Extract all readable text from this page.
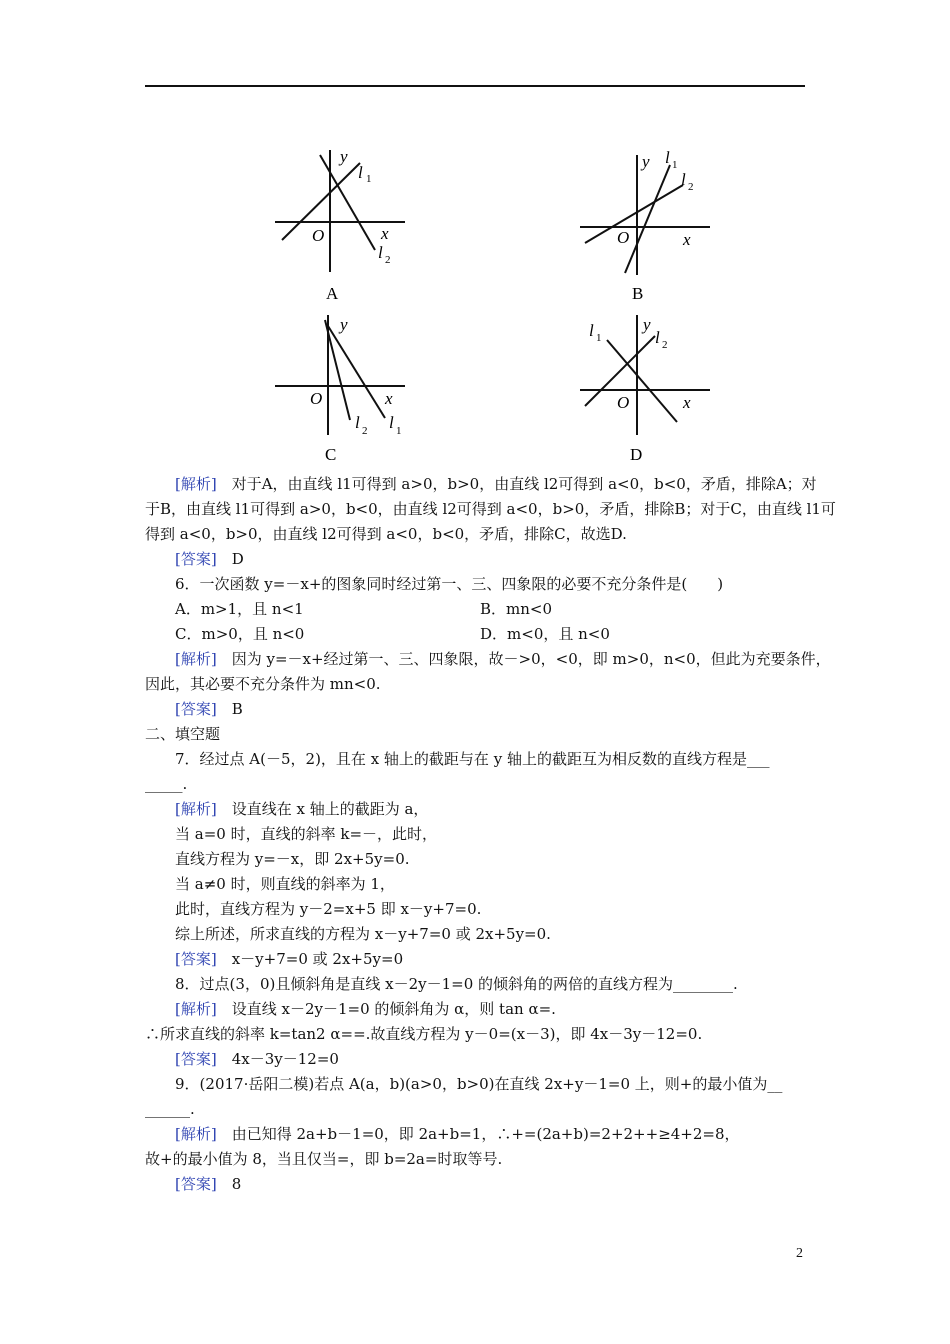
y
x
O
l 1
l 2
A
y
x
O
l 1
l 2
B
y
x
O
l 1
l 2
C
y
x
O
l 1	l 2
D
[解析]　对于A，由直线 l1可得到 a>0，b>0，由直线 l2可得到 a<0，b<0，矛盾，排除A；对
于B，由直线 l1可得到 a>0，b<0，由直线 l2可得到 a<0，b>0，矛盾，排除B；对于C，由直线 l1可
得到 a<0，b>0，由直线 l2可得到 a<0，b<0，矛盾，排除C，故选D.
[答案]　D
6．一次函数 y=－x+的图象同时经过第一、三、四象限的必要不充分条件是(　　)
A．m>1，且 n<1	B．mn<0
C．m>0，且 n<0	D．m<0，且 n<0
[解析]　因为 y=－x+经过第一、三、四象限，故－>0，<0，即 m>0，n<0，但此为充要条件，
因此，其必要不充分条件为 mn<0.
[答案]　B
二、填空题
7．经过点 A(－5，2)，且在 x 轴上的截距与在 y 轴上的截距互为相反数的直线方程是___
_____.
[解析]　设直线在 x 轴上的截距为 a，
当 a=0 时，直线的斜率 k=－，此时，
直线方程为 y=－x，即 2x+5y=0.
当 a≠0 时，则直线的斜率为 1，
此时，直线方程为 y－2=x+5 即 x－y+7=0.
综上所述，所求直线的方程为 x－y+7=0 或 2x+5y=0.
[答案]　x－y+7=0 或 2x+5y=0
8．过点(3，0)且倾斜角是直线 x－2y－1=0 的倾斜角的两倍的直线方程为________.
[解析]　设直线 x－2y－1=0 的倾斜角为 α，则 tan α=.
∴所求直线的斜率 k=tan2 α==.故直线方程为 y－0=(x－3)，即 4x－3y－12=0.
[答案]　4x－3y－12=0
9．(2017·岳阳二模)若点 A(a，b)(a>0，b>0)在直线 2x+y－1=0 上，则+的最小值为__
______.
[解析]　由已知得 2a+b－1=0，即 2a+b=1，∴+=(2a+b)=2+2++≥4+2=8，
故+的最小值为 8，当且仅当=，即 b=2a=时取等号.
[答案]　8
2
